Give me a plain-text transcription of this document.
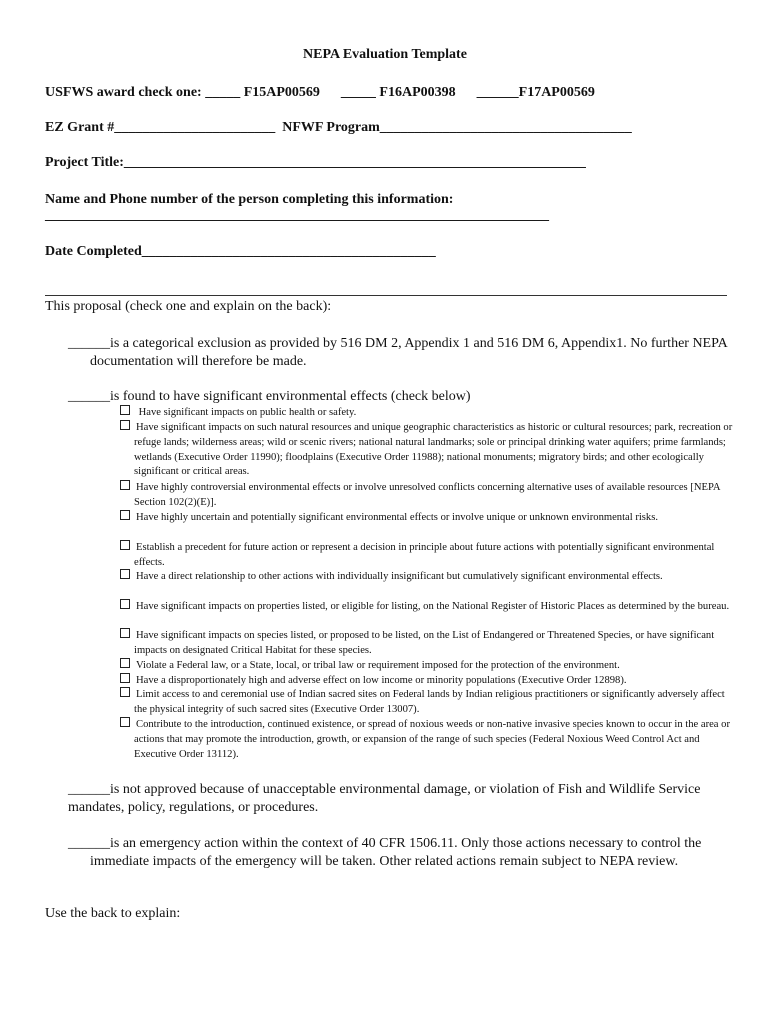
NEPA Evaluation Template
USFWS award check one: _____ F15AP00569      _____ F16AP00398      ______F17AP00569
EZ Grant #_______________________  NFWF Program____________________________________
Project Title:__________________________________________________________________
Name and Phone number of the person completing this information:
________________________________________________________________________
Date Completed__________________________________________
This proposal (check one and explain on the back):
______is a categorical exclusion as provided by 516 DM 2, Appendix 1 and 516 DM 6, Appendix1. No further NEPA documentation will therefore be made.
______is found to have significant environmental effects (check below)
Have significant impacts on public health or safety.
Have significant impacts on such natural resources and unique geographic characteristics as historic or cultural resources; park, recreation or refuge lands; wilderness areas; wild or scenic rivers; national natural landmarks; sole or principal drinking water aquifers; prime farmlands; wetlands (Executive Order 11990); floodplains (Executive Order 11988); national monuments; migratory birds; and other ecologically significant or critical areas.
Have highly controversial environmental effects or involve unresolved conflicts concerning alternative uses of available resources [NEPA Section 102(2)(E)].
Have highly uncertain and potentially significant environmental effects or involve unique or unknown environmental risks.
Establish a precedent for future action or represent a decision in principle about future actions with potentially significant environmental effects.
Have a direct relationship to other actions with individually insignificant but cumulatively significant environmental effects.
Have significant impacts on properties listed, or eligible for listing, on the National Register of Historic Places as determined by the bureau.
Have significant impacts on species listed, or proposed to be listed, on the List of Endangered or Threatened Species, or have significant impacts on designated Critical Habitat for these species.
Violate a Federal law, or a State, local, or tribal law or requirement imposed for the protection of the environment.
Have a disproportionately high and adverse effect on low income or minority populations (Executive Order 12898).
Limit access to and ceremonial use of Indian sacred sites on Federal lands by Indian religious practitioners or significantly adversely affect the physical integrity of such sacred sites (Executive Order 13007).
Contribute to the introduction, continued existence, or spread of noxious weeds or non-native invasive species known to occur in the area or actions that may promote the introduction, growth, or expansion of the range of such species (Federal Noxious Weed Control Act and Executive Order 13112).
______is not approved because of unacceptable environmental damage, or violation of Fish and Wildlife Service mandates, policy, regulations, or procedures.
______is an emergency action within the context of 40 CFR 1506.11. Only those actions necessary to control the immediate impacts of the emergency will be taken. Other related actions remain subject to NEPA review.
Use the back to explain:
